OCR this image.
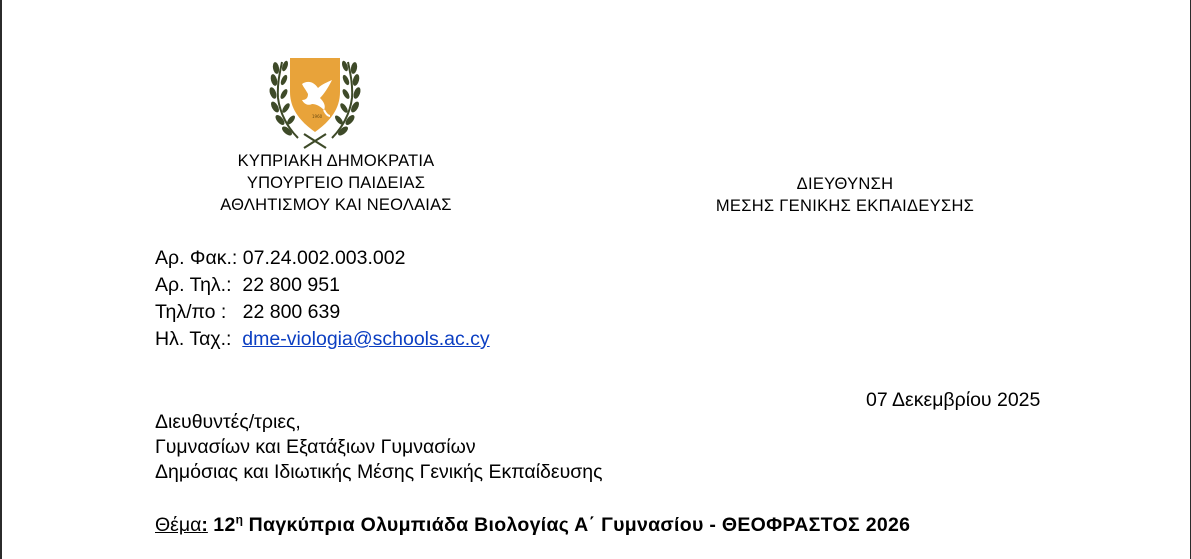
1960
ΚΥΠΡΙΑΚΗ ΔΗΜΟΚΡΑΤΙΑ
ΥΠΟΥΡΓΕΙΟ ΠΑΙΔΕΙΑΣ
ΑΘΛΗΤΙΣΜΟΥ ΚΑΙ ΝΕΟΛΑΙΑΣ
ΔΙΕΥΘΥΝΣΗ
ΜΕΣΗΣ ΓΕΝΙΚΗΣ ΕΚΠΑΙΔΕΥΣΗΣ
Αρ. Φακ.: 07.24.002.003.002
Αρ. Τηλ.: 22 800 951
Τηλ/πο : 22 800 639
Ηλ. Ταχ.: dme-viologia@schools.ac.cy
07 Δεκεμβρίου 2025
Διευθυντές/τριες,
Γυμνασίων και Εξατάξιων Γυμνασίων
Δημόσιας και Ιδιωτικής Μέσης Γενικής Εκπαίδευσης
Θέμα: $12^\eta$ Παγκύπρια Ολυμπιάδα Βιολογίας Α΄ Γυμνασίου - ΘΕΟΦΡΑΣΤΟΣ 2026
